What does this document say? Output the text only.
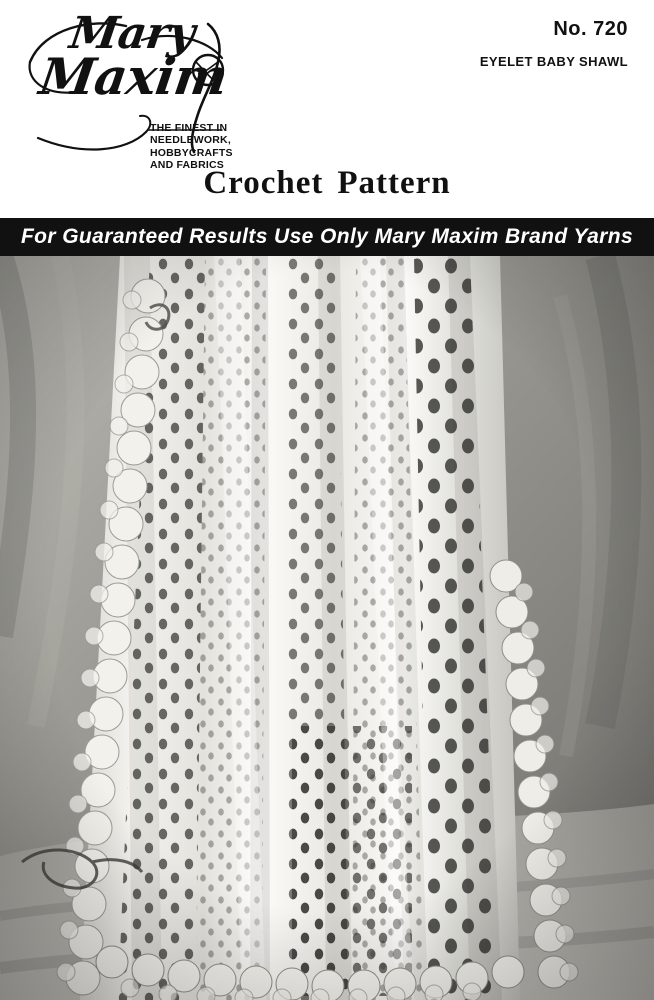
Mary
Maxim
THE FINEST IN
NEEDLEWORK,
HOBBYCRAFTS
AND FABRICS
No. 720
EYELET BABY SHAWL
Crochet Pattern
For Guaranteed Results Use Only Mary Maxim Brand Yarns
